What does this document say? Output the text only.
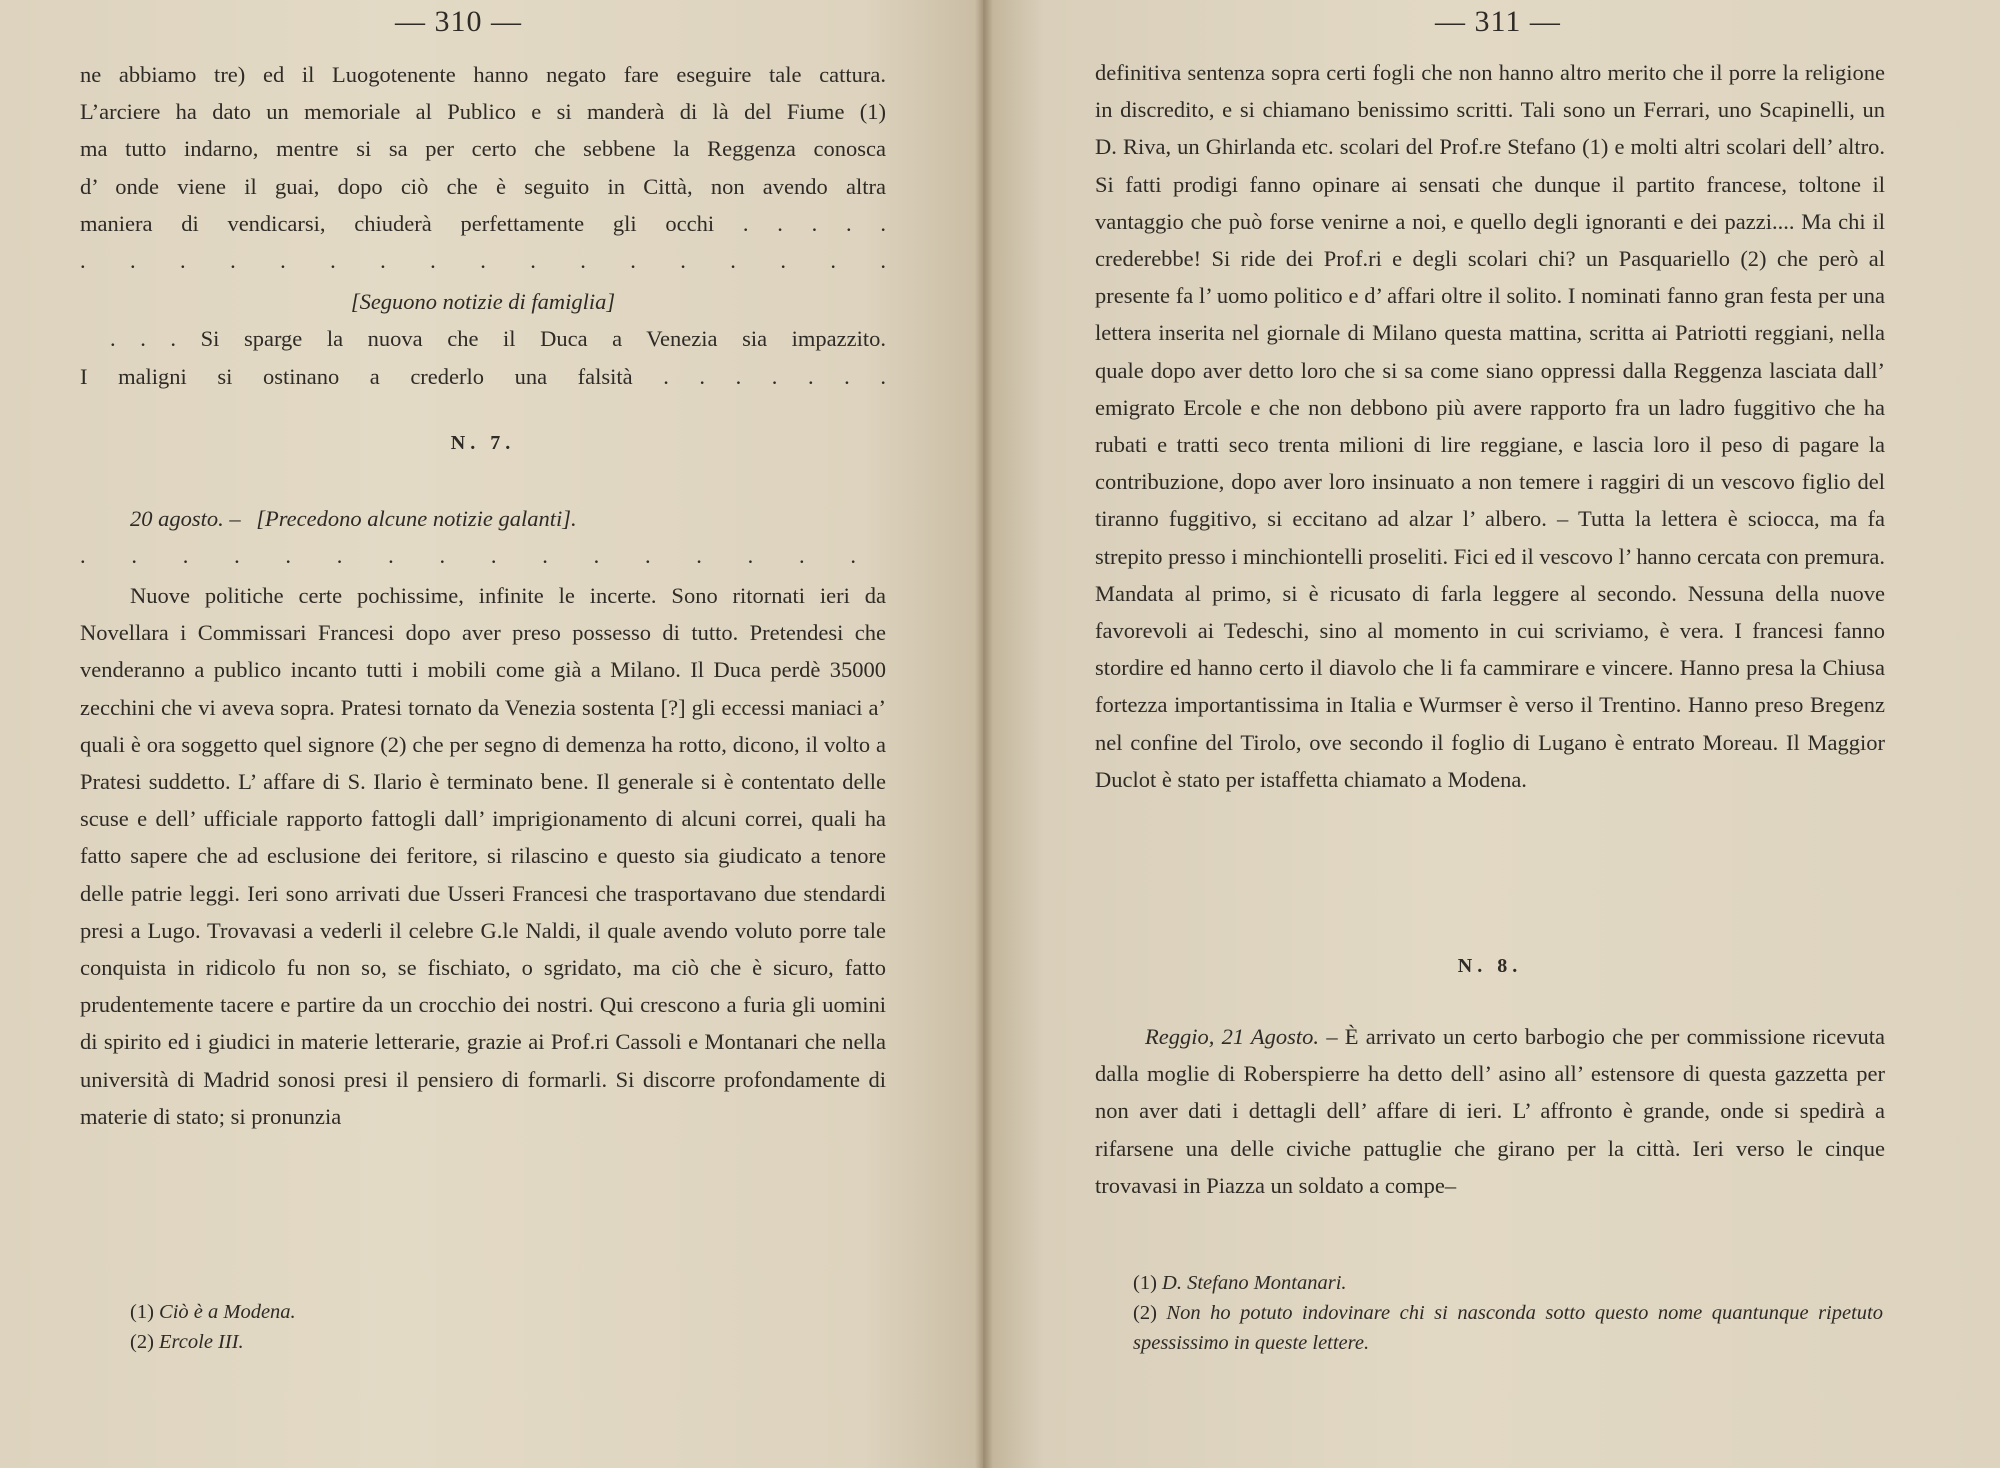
— 310 —

ne abbiamo tre) ed il Luogotenente hanno negato fare eseguire tale cattura.

L’arciere ha dato un memoriale al Publico e si manderà di là del Fiume (1)

ma tutto indarno, mentre si sa per certo che sebbene la Reggenza conosca

d’ onde viene il guai, dopo ciò che è seguito in Città, non avendo altra

maniera di vendicarsi, chiuderà perfettamente gli occhi . . . . .

. . . . . . . . . . . . . . . . .

[Seguono notizie di famiglia]

. . . Si sparge la nuova che il Duca a Venezia sia impazzito.

I maligni si ostinano a crederlo una falsità . . . . . . .

N. 7.

20 agosto. – [Precedono alcune notizie galanti].

. . . . . . . . . . . . . . . .

Nuove politiche certe pochissime, infinite le incerte. Sono ritornati ieri da Novellara i Commissari Francesi dopo aver preso possesso di tutto. Pretendesi che venderanno a publico incanto tutti i mobili come già a Milano. Il Duca perdè 35000 zecchini che vi aveva sopra. Pratesi tornato da Venezia sostenta [?] gli eccessi maniaci a’ quali è ora soggetto quel signore (2) che per segno di demenza ha rotto, dicono, il volto a Pratesi suddetto. L’ affare di S. Ilario è terminato bene. Il generale si è contentato delle scuse e dell’ ufficiale rapporto fattogli dall’ imprigionamento di alcuni correi, quali ha fatto sapere che ad esclusione dei feritore, si rilascino e questo sia giudicato a tenore delle patrie leggi. Ieri sono arrivati due Usseri Francesi che trasportavano due stendardi presi a Lugo. Trovavasi a vederli il celebre G.le Naldi, il quale avendo voluto porre tale conquista in ridicolo fu non so, se fischiato, o sgridato, ma ciò che è sicuro, fatto prudentemente tacere e partire da un crocchio dei nostri. Qui crescono a furia gli uomini di spirito ed i giudici in materie letterarie, grazie ai Prof.ri Cassoli e Montanari che nella università di Madrid sonosi presi il pensiero di formarli. Si discorre profondamente di materie di stato; si pronunzia

(1) Ciò è a Modena.

(2) Ercole III.

— 311 —

definitiva sentenza sopra certi fogli che non hanno altro merito che il porre la religione in discredito, e si chiamano benissimo scritti. Tali sono un Ferrari, uno Scapinelli, un D. Riva, un Ghirlanda etc. scolari del Prof.re Stefano (1) e molti altri scolari dell’ altro. Si fatti prodigi fanno opinare ai sensati che dunque il partito francese, toltone il vantaggio che può forse venirne a noi, e quello degli ignoranti e dei pazzi.... Ma chi il crederebbe! Si ride dei Prof.ri e degli scolari chi? un Pasquariello (2) che però al presente fa l’ uomo politico e d’ affari oltre il solito. I nominati fanno gran festa per una lettera inserita nel giornale di Milano questa mattina, scritta ai Patriotti reggiani, nella quale dopo aver detto loro che si sa come siano oppressi dalla Reggenza lasciata dall’ emigrato Ercole e che non debbono più avere rapporto fra un ladro fuggitivo che ha rubati e tratti seco trenta milioni di lire reggiane, e lascia loro il peso di pagare la contribuzione, dopo aver loro insinuato a non temere i raggiri di un vescovo figlio del tiranno fuggitivo, si eccitano ad alzar l’ albero. – Tutta la lettera è sciocca, ma fa strepito presso i minchiontelli proseliti. Fici ed il vescovo l’ hanno cercata con premura. Mandata al primo, si è ricusato di farla leggere al secondo. Nessuna della nuove favorevoli ai Tedeschi, sino al momento in cui scriviamo, è vera. I francesi fanno stordire ed hanno certo il diavolo che li fa cammirare e vincere. Hanno presa la Chiusa fortezza importantissima in Italia e Wurmser è verso il Trentino. Hanno preso Bregenz nel confine del Tirolo, ove secondo il foglio di Lugano è entrato Moreau. Il Maggior Duclot è stato per istaffetta chiamato a Modena.

N. 8.

Reggio, 21 Agosto. – È arrivato un certo barbogio che per commissione ricevuta dalla moglie di Roberspierre ha detto dell’ asino all’ estensore di questa gazzetta per non aver dati i dettagli dell’ affare di ieri. L’ affronto è grande, onde si spedirà a rifarsene una delle civiche pattuglie che girano per la città. Ieri verso le cinque trovavasi in Piazza un soldato a compe–

(1) D. Stefano Montanari.

(2) Non ho potuto indovinare chi si nasconda sotto questo nome quantunque ripetuto spessissimo in queste lettere.
